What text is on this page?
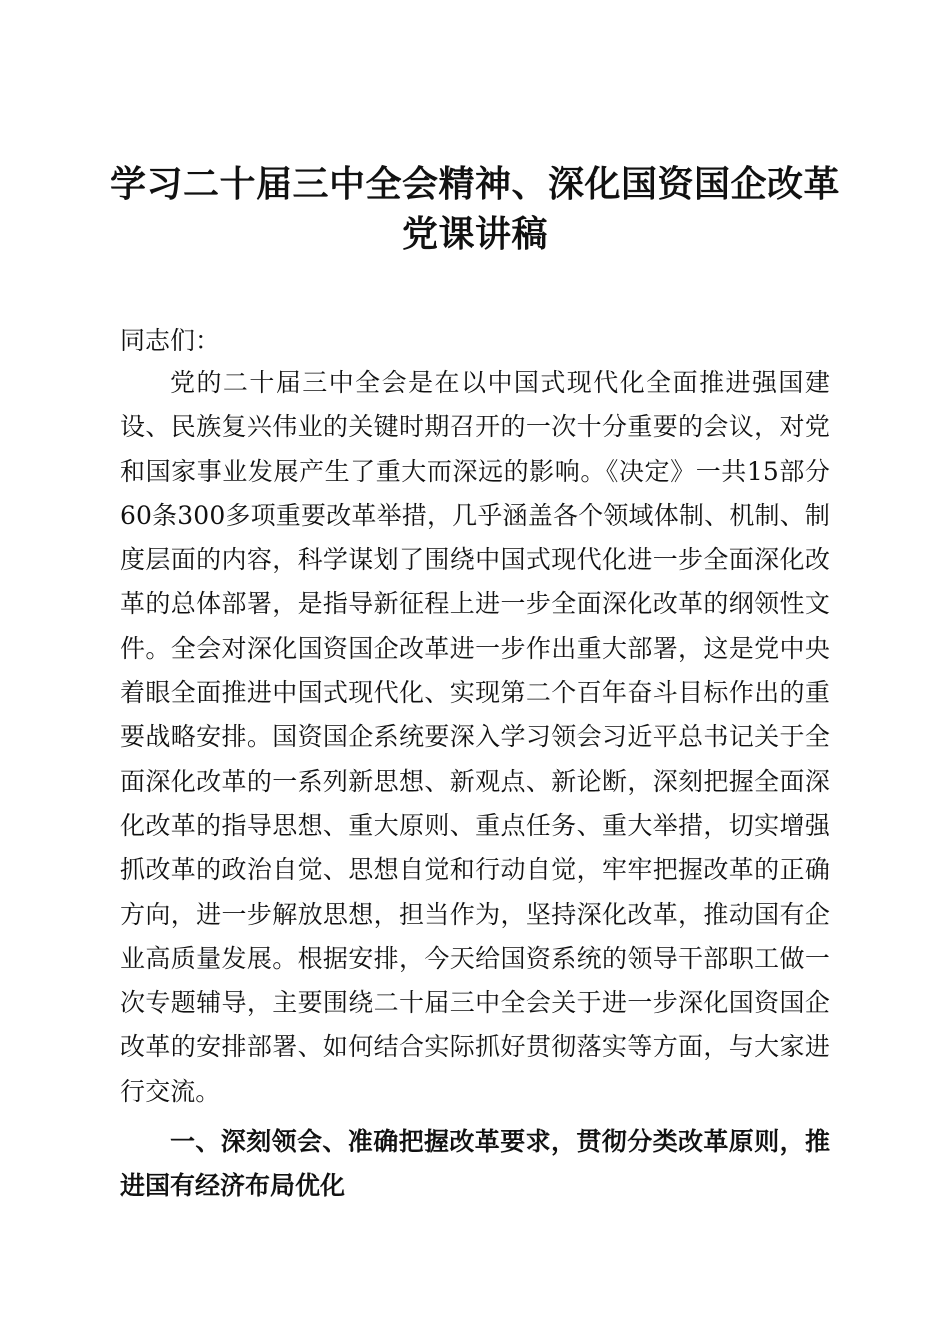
学习二十届三中全会精神、深化国资国企改革
党课讲稿

同志们：

党的二十届三中全会是在以中国式现代化全面推进强国建设、民族复兴伟业的关键时期召开的一次十分重要的会议，对党和国家事业发展产生了重大而深远的影响。《决定》一共15部分60条300多项重要改革举措，几乎涵盖各个领域体制、机制、制度层面的内容，科学谋划了围绕中国式现代化进一步全面深化改革的总体部署，是指导新征程上进一步全面深化改革的纲领性文件。全会对深化国资国企改革进一步作出重大部署，这是党中央着眼全面推进中国式现代化、实现第二个百年奋斗目标作出的重要战略安排。国资国企系统要深入学习领会习近平总书记关于全面深化改革的一系列新思想、新观点、新论断，深刻把握全面深化改革的指导思想、重大原则、重点任务、重大举措，切实增强抓改革的政治自觉、思想自觉和行动自觉，牢牢把握改革的正确方向，进一步解放思想，担当作为，坚持深化改革，推动国有企业高质量发展。根据安排，今天给国资系统的领导干部职工做一次专题辅导，主要围绕二十届三中全会关于进一步深化国资国企改革的安排部署、如何结合实际抓好贯彻落实等方面，与大家进行交流。

一、深刻领会、准确把握改革要求，贯彻分类改革原则，推进国有经济布局优化
